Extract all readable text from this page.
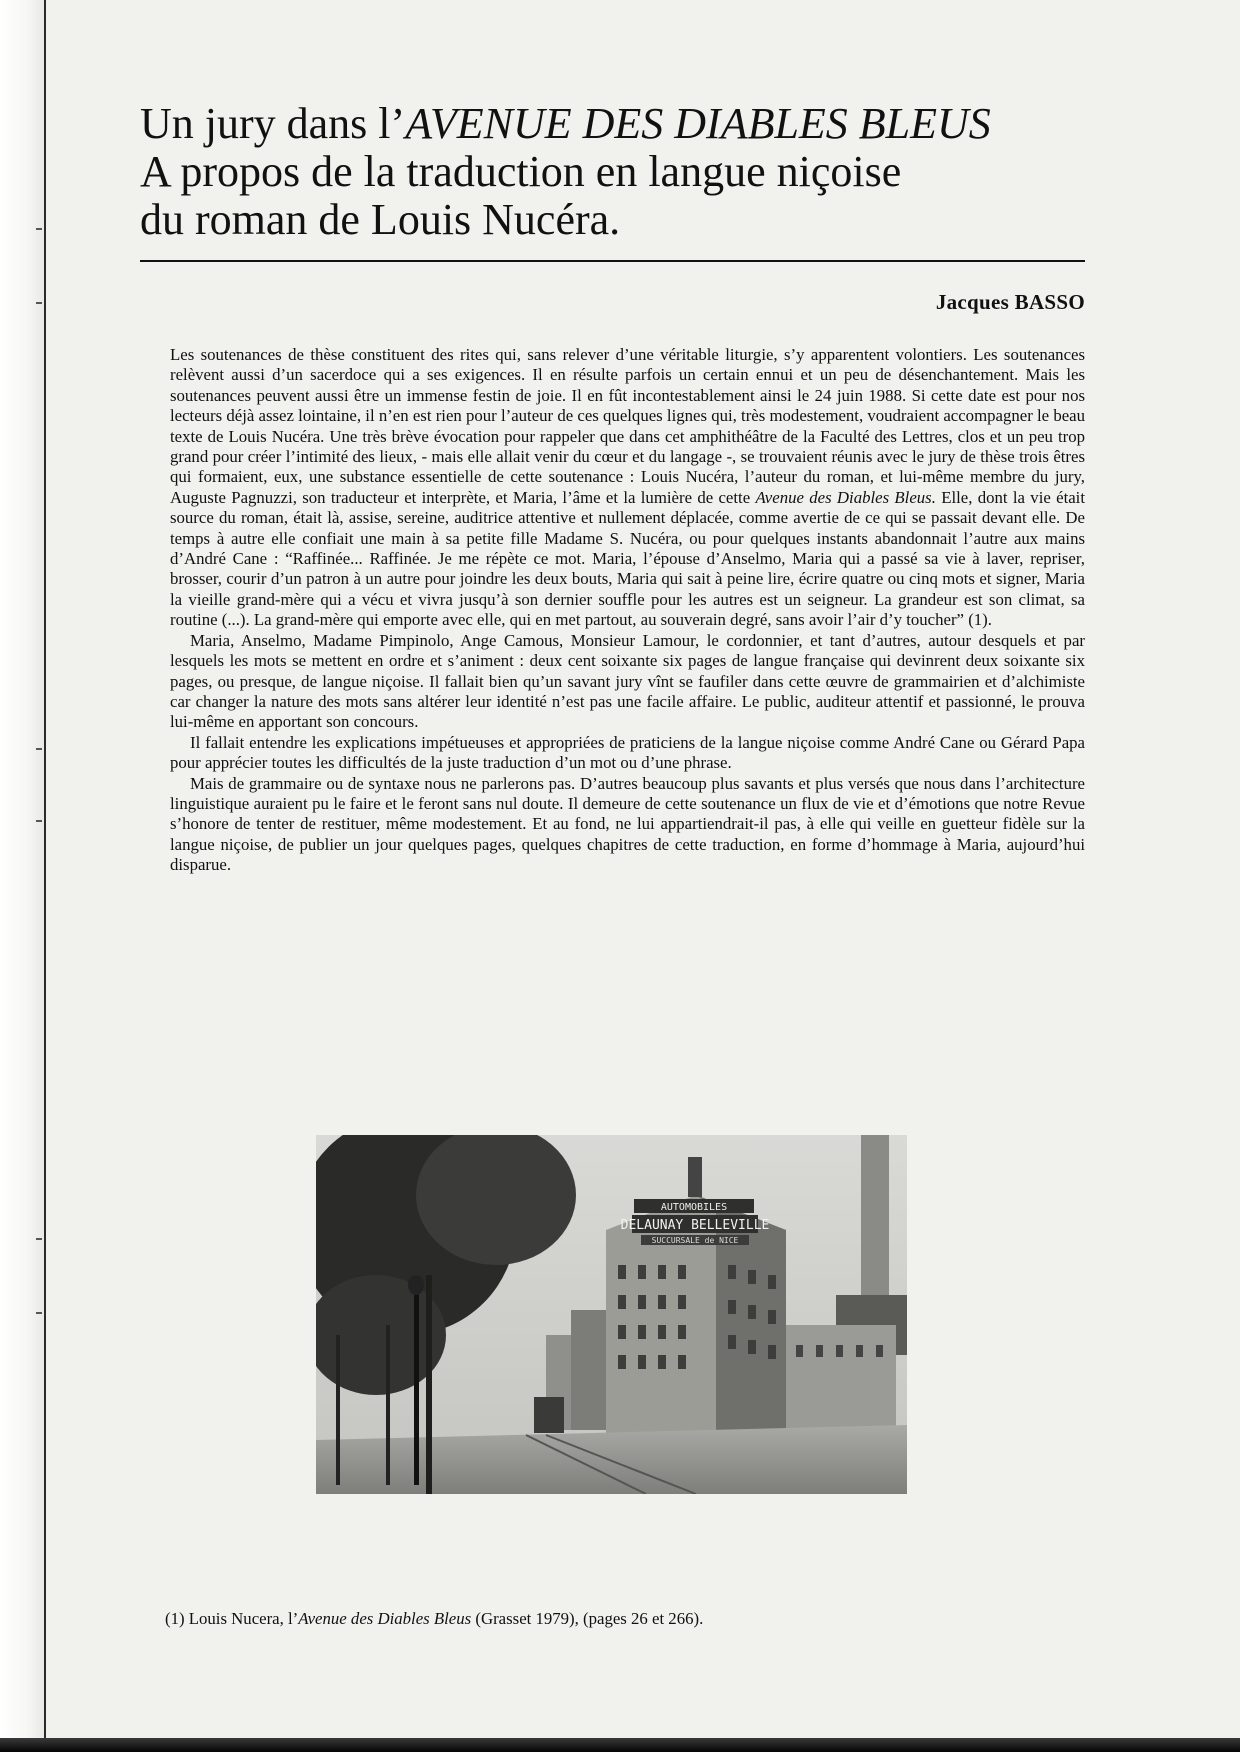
Un jury dans l’AVENUE DES DIABLES BLEUS
A propos de la traduction en langue niçoise
du roman de Louis Nucéra.
Jacques BASSO

Les soutenances de thèse constituent des rites qui, sans relever d’une véritable liturgie, s’y apparentent volontiers. Les soutenances relèvent aussi d’un sacerdoce qui a ses exigences. Il en résulte parfois un certain ennui et un peu de désenchantement. Mais les soutenances peuvent aussi être un immense festin de joie. Il en fût incontestablement ainsi le 24 juin 1988. Si cette date est pour nos lecteurs déjà assez lointaine, il n’en est rien pour l’auteur de ces quelques lignes qui, très modestement, voudraient accompagner le beau texte de Louis Nucéra. Une très brève évocation pour rappeler que dans cet amphithéâtre de la Faculté des Lettres, clos et un peu trop grand pour créer l’intimité des lieux, - mais elle allait venir du cœur et du langage -, se trouvaient réunis avec le jury de thèse trois êtres qui formaient, eux, une substance essentielle de cette soutenance : Louis Nucéra, l’auteur du roman, et lui-même membre du jury, Auguste Pagnuzzi, son traducteur et interprète, et Maria, l’âme et la lumière de cette Avenue des Diables Bleus. Elle, dont la vie était source du roman, était là, assise, sereine, auditrice attentive et nullement déplacée, comme avertie de ce qui se passait devant elle. De temps à autre elle confiait une main à sa petite fille Madame S. Nucéra, ou pour quelques instants abandonnait l’autre aux mains d’André Cane : “Raffinée... Raffinée. Je me répète ce mot. Maria, l’épouse d’Anselmo, Maria qui a passé sa vie à laver, repriser, brosser, courir d’un patron à un autre pour joindre les deux bouts, Maria qui sait à peine lire, écrire quatre ou cinq mots et signer, Maria la vieille grand-mère qui a vécu et vivra jusqu’à son dernier souffle pour les autres est un seigneur. La grandeur est son climat, sa routine (...). La grand-mère qui emporte avec elle, qui en met partout, au souverain degré, sans avoir l’air d’y toucher” (1).

Maria, Anselmo, Madame Pimpinolo, Ange Camous, Monsieur Lamour, le cordonnier, et tant d’autres, autour desquels et par lesquels les mots se mettent en ordre et s’animent : deux cent soixante six pages de langue française qui devinrent deux soixante six pages, ou presque, de langue niçoise. Il fallait bien qu’un savant jury vînt se faufiler dans cette œuvre de grammairien et d’alchimiste car changer la nature des mots sans altérer leur identité n’est pas une facile affaire. Le public, auditeur attentif et passionné, le prouva lui-même en apportant son concours.

Il fallait entendre les explications impétueuses et appropriées de praticiens de la langue niçoise comme André Cane ou Gérard Papa pour apprécier toutes les difficultés de la juste traduction d’un mot ou d’une phrase.

Mais de grammaire ou de syntaxe nous ne parlerons pas. D’autres beaucoup plus savants et plus versés que nous dans l’architecture linguistique auraient pu le faire et le feront sans nul doute. Il demeure de cette soutenance un flux de vie et d’émotions que notre Revue s’honore de tenter de restituer, même modestement. Et au fond, ne lui appartiendrait-il pas, à elle qui veille en guetteur fidèle sur la langue niçoise, de publier un jour quelques pages, quelques chapitres de cette traduction, en forme d’hommage à Maria, aujourd’hui disparue.

AUTOMOBILES
DELAUNAY BELLEVILLE
SUCCURSALE de NICE
(1) Louis Nucera, l’Avenue des Diables Bleus (Grasset 1979), (pages 26 et 266).
